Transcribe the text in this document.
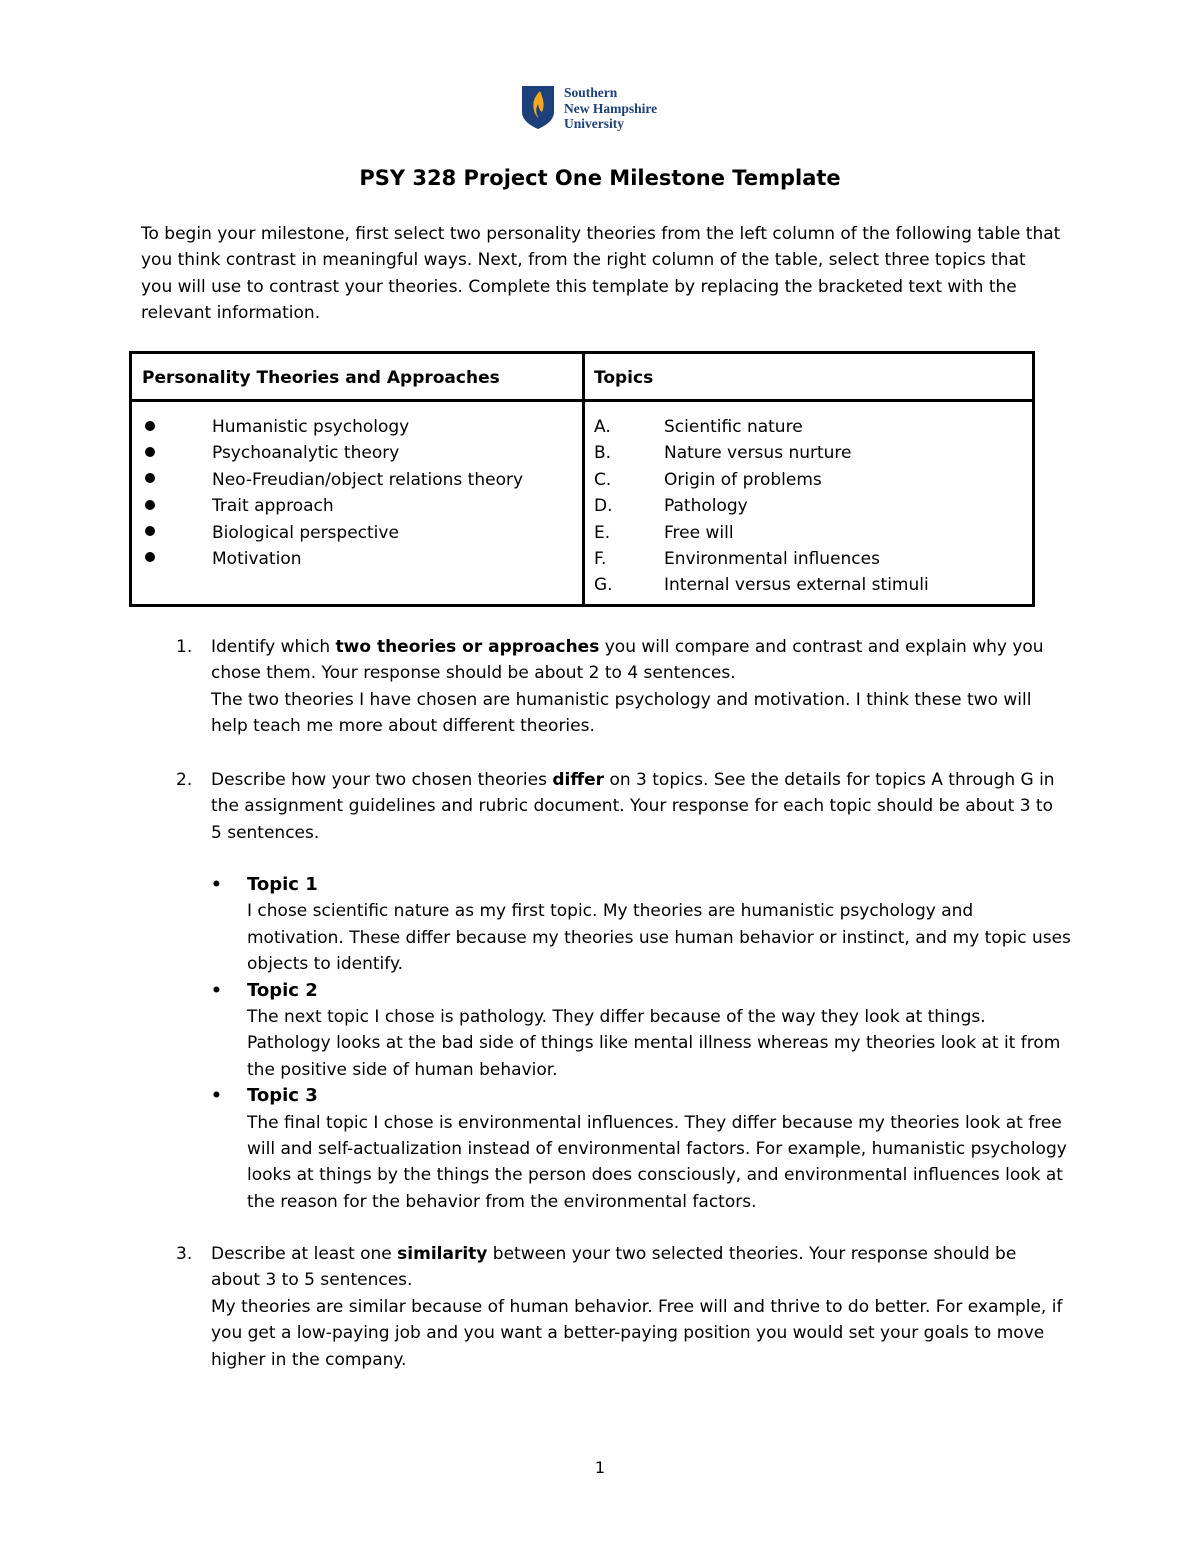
Southern
New Hampshire
University
PSY 328 Project One Milestone Template
To begin your milestone, first select two personality theories from the left column of the following table that you think contrast in meaningful ways. Next, from the right column of the table, select three topics that you will use to contrast your theories. Complete this template by replacing the bracketed text with the relevant information.
Personality Theories and Approaches	Topics
Humanistic psychology
Psychoanalytic theory
Neo-Freudian/object relations theory
Trait approach
Biological perspective
Motivation
A.	Scientific nature
B.	Nature versus nurture
C.	Origin of problems
D.	Pathology
E.	Free will
F.	Environmental influences
G.	Internal versus external stimuli
1. Identify which two theories or approaches you will compare and contrast and explain why you chose them. Your response should be about 2 to 4 sentences.
The two theories I have chosen are humanistic psychology and motivation. I think these two will help teach me more about different theories.
2. Describe how your two chosen theories differ on 3 topics. See the details for topics A through G in the assignment guidelines and rubric document. Your response for each topic should be about 3 to 5 sentences.
• Topic 1
I chose scientific nature as my first topic. My theories are humanistic psychology and motivation. These differ because my theories use human behavior or instinct, and my topic uses objects to identify.
• Topic 2
The next topic I chose is pathology. They differ because of the way they look at things. Pathology looks at the bad side of things like mental illness whereas my theories look at it from the positive side of human behavior.
• Topic 3
The final topic I chose is environmental influences. They differ because my theories look at free will and self-actualization instead of environmental factors. For example, humanistic psychology looks at things by the things the person does consciously, and environmental influences look at the reason for the behavior from the environmental factors.
3. Describe at least one similarity between your two selected theories. Your response should be about 3 to 5 sentences.
My theories are similar because of human behavior. Free will and thrive to do better. For example, if you get a low-paying job and you want a better-paying position you would set your goals to move higher in the company.
1
